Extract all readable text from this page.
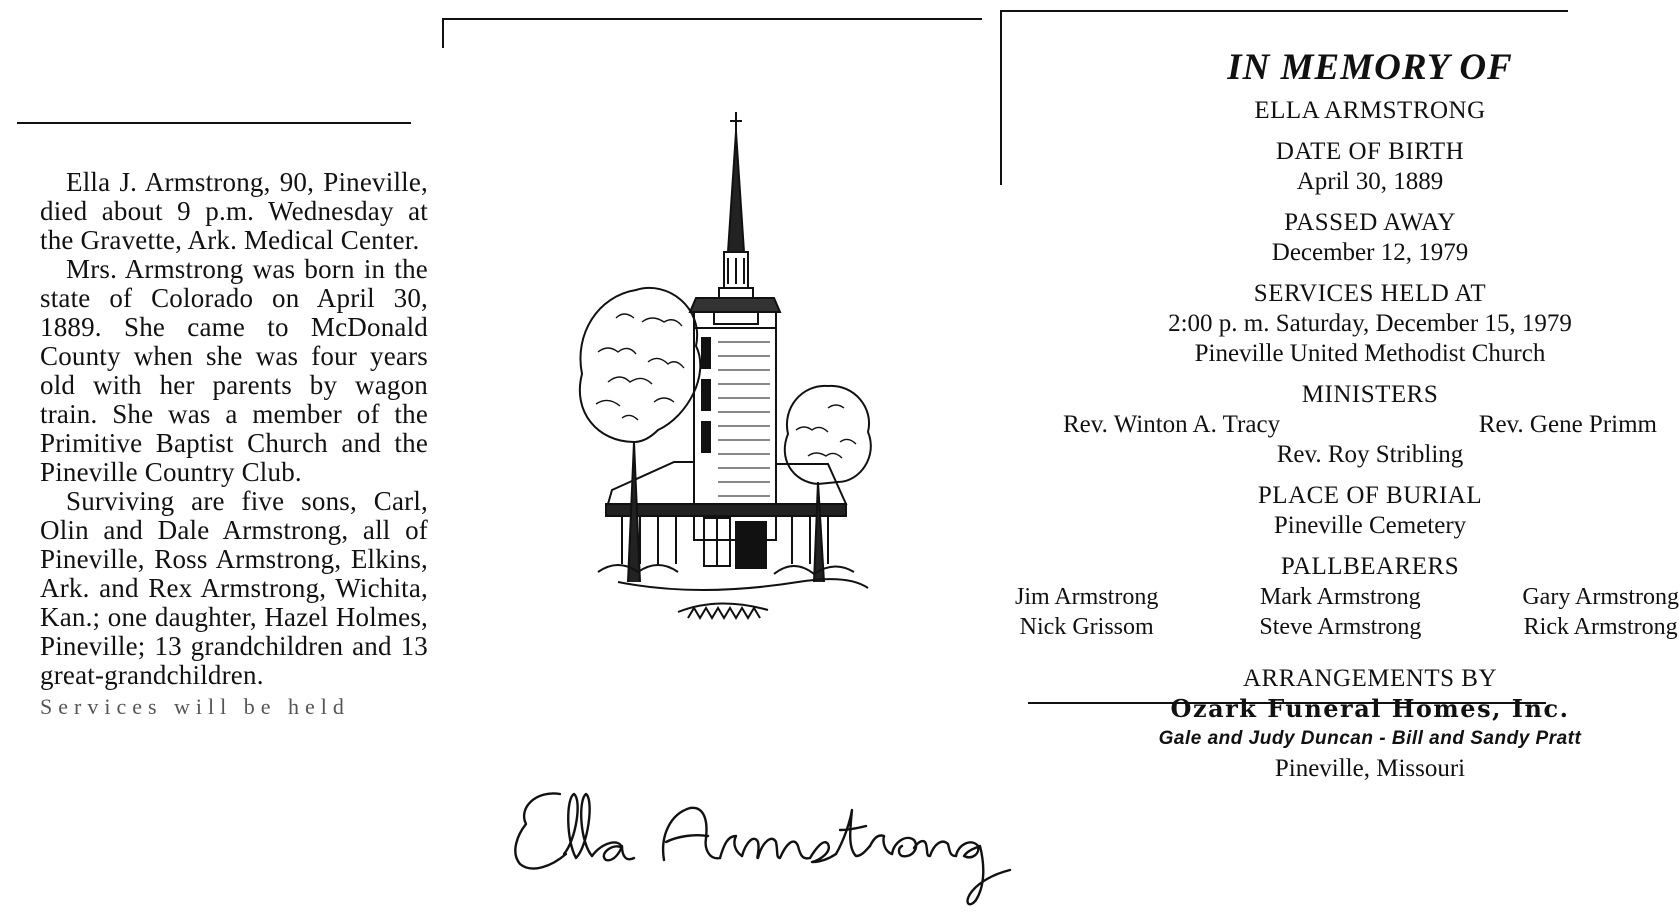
Ella J. Armstrong, 90, Pineville, died about 9 p.m. Wednesday at the Gravette, Ark. Medical Center.

Mrs. Armstrong was born in the state of Colorado on April 30, 1889. She came to McDonald County when she was four years old with her parents by wagon train. She was a member of the Primitive Baptist Church and the Pineville Country Club.

Surviving are five sons, Carl, Olin and Dale Armstrong, all of Pineville, Ross Armstrong, Elkins, Ark. and Rex Armstrong, Wichita, Kan.; one daughter, Hazel Holmes, Pineville; 13 grandchildren and 13 great-grandchildren.

Services will be held
IN MEMORY OF
ELLA ARMSTRONG
DATE OF BIRTH
April 30, 1889
PASSED AWAY
December 12, 1979
SERVICES HELD AT
2:00 p. m. Saturday, December 15, 1979
Pineville United Methodist Church
MINISTERS
Rev. Winton A. Tracy	Rev. Gene Primm
Rev. Roy Stribling
PLACE OF BURIAL
Pineville Cemetery
PALLBEARERS
Jim Armstrong	Mark Armstrong	Gary Armstrong
Nick Grissom	Steve Armstrong	Rick Armstrong
ARRANGEMENTS BY
Ozark Funeral Homes, Inc.
Gale and Judy Duncan - Bill and Sandy Pratt
Pineville, Missouri
